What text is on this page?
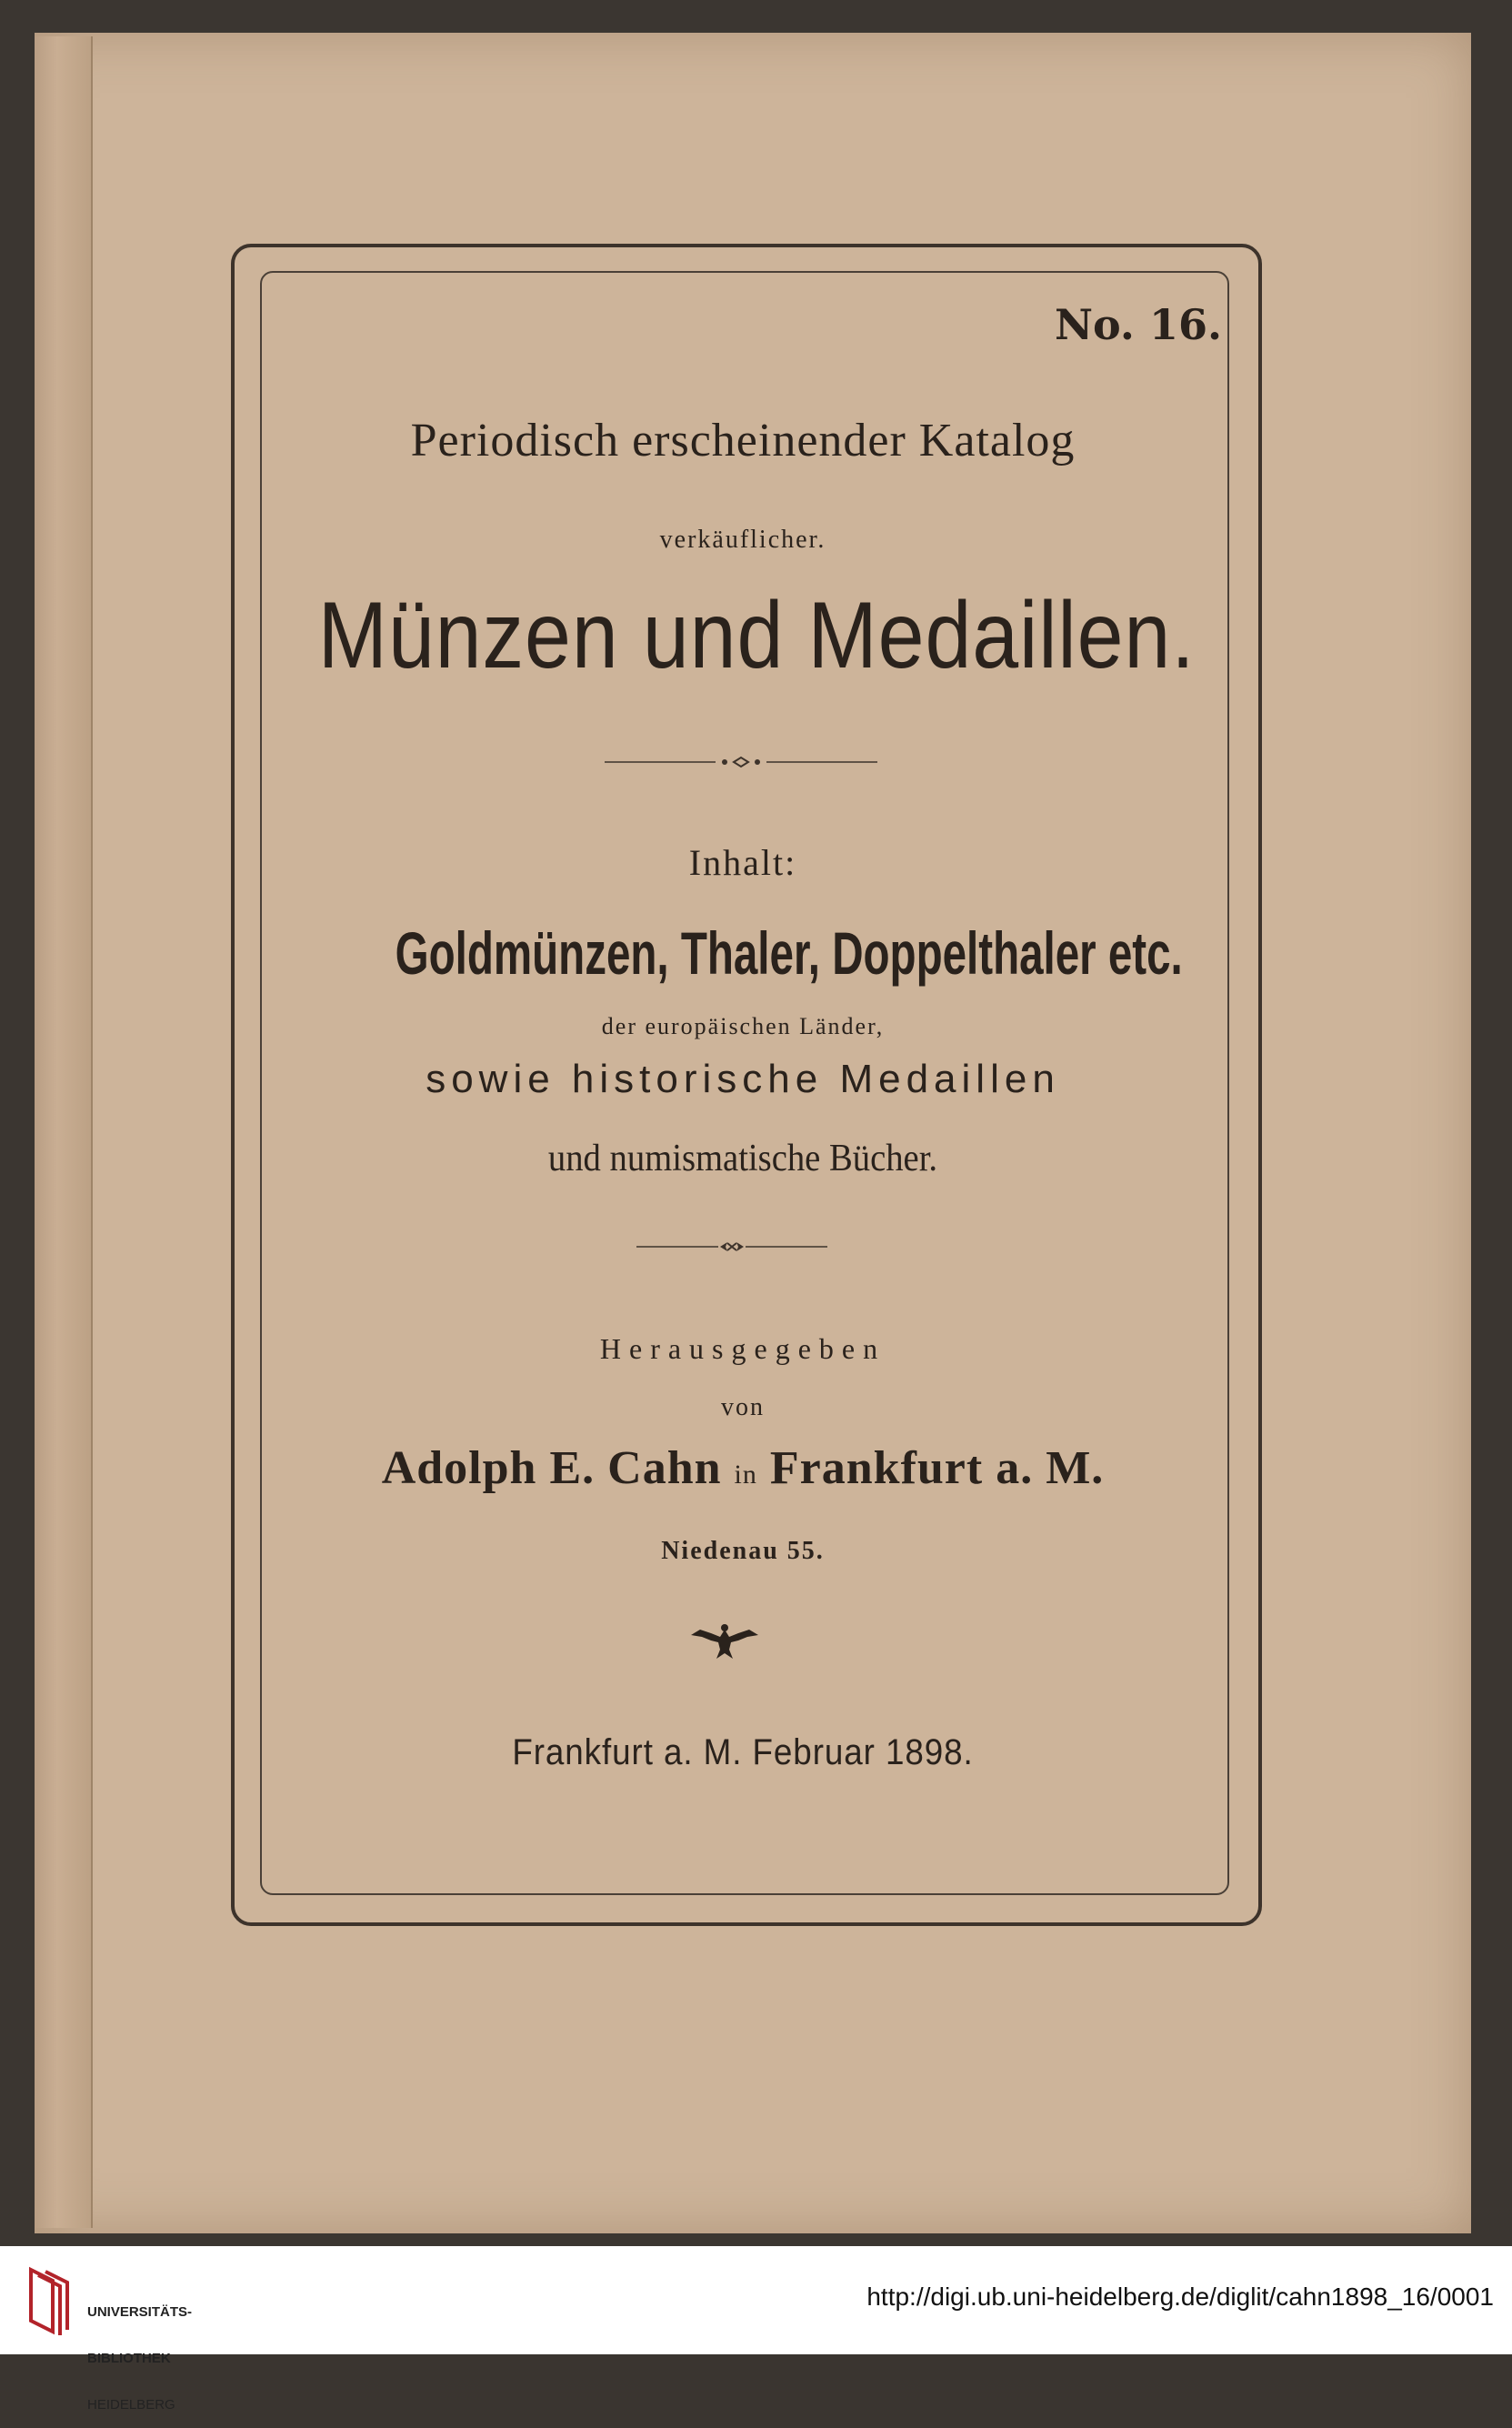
No. 16.
Periodisch erscheinender Katalog
verkäuflicher.
Münzen und Medaillen.
Inhalt:
Goldmünzen, Thaler, Doppelthaler etc.
der europäischen Länder,
sowie historische Medaillen
und numismatische Bücher.
Herausgegeben
von
Adolph E. Cahn in Frankfurt a. M.
Niedenau 55.
Frankfurt a. M. Februar 1898.

UNIVERSITÄTS-

BIBLIOTHEK

HEIDELBERG

http://digi.ub.uni-heidelberg.de/diglit/cahn1898_16/0001
